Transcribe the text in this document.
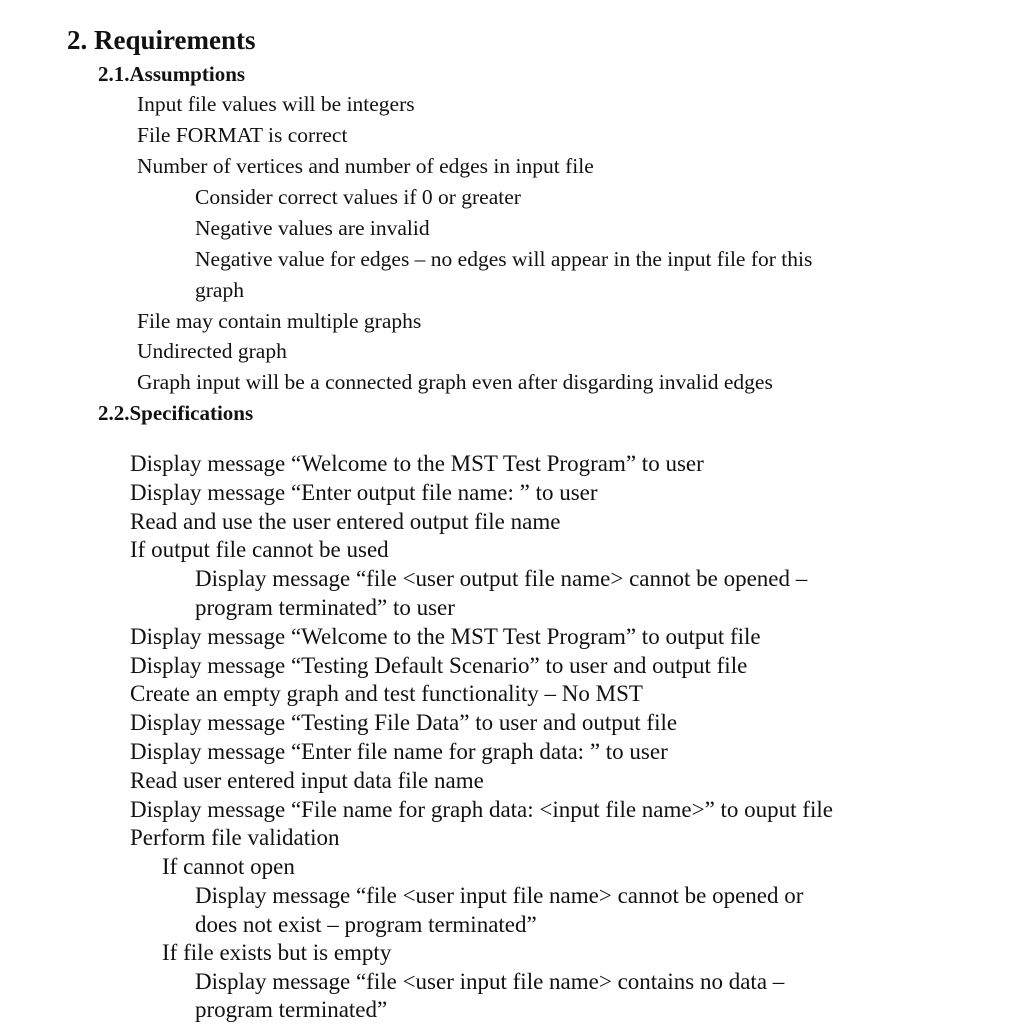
2. Requirements
2.1.Assumptions
Input file values will be integers
File FORMAT is correct
Number of vertices and number of edges in input file
Consider correct values if 0 or greater
Negative values are invalid
Negative value for edges – no edges will appear in the input file for this
graph
File may contain multiple graphs
Undirected graph
Graph input will be a connected graph even after disgarding invalid edges
2.2.Specifications
Display message “Welcome to the MST Test Program” to user
Display message “Enter output file name: ” to user
Read and use the user entered output file name
If output file cannot be used
Display message “file <user output file name> cannot be opened –
program terminated” to user
Display message “Welcome to the MST Test Program” to output file
Display message “Testing Default Scenario” to user and output file
Create an empty graph and test functionality – No MST
Display message “Testing File Data” to user and output file
Display message “Enter file name for graph data: ” to user
Read user entered input data file name
Display message “File name for graph data: <input file name>” to ouput file
Perform file validation
If cannot open
Display message “file <user input file name> cannot be opened or
does not exist – program terminated”
If file exists but is empty
Display message “file <user input file name> contains no data –
program terminated”
